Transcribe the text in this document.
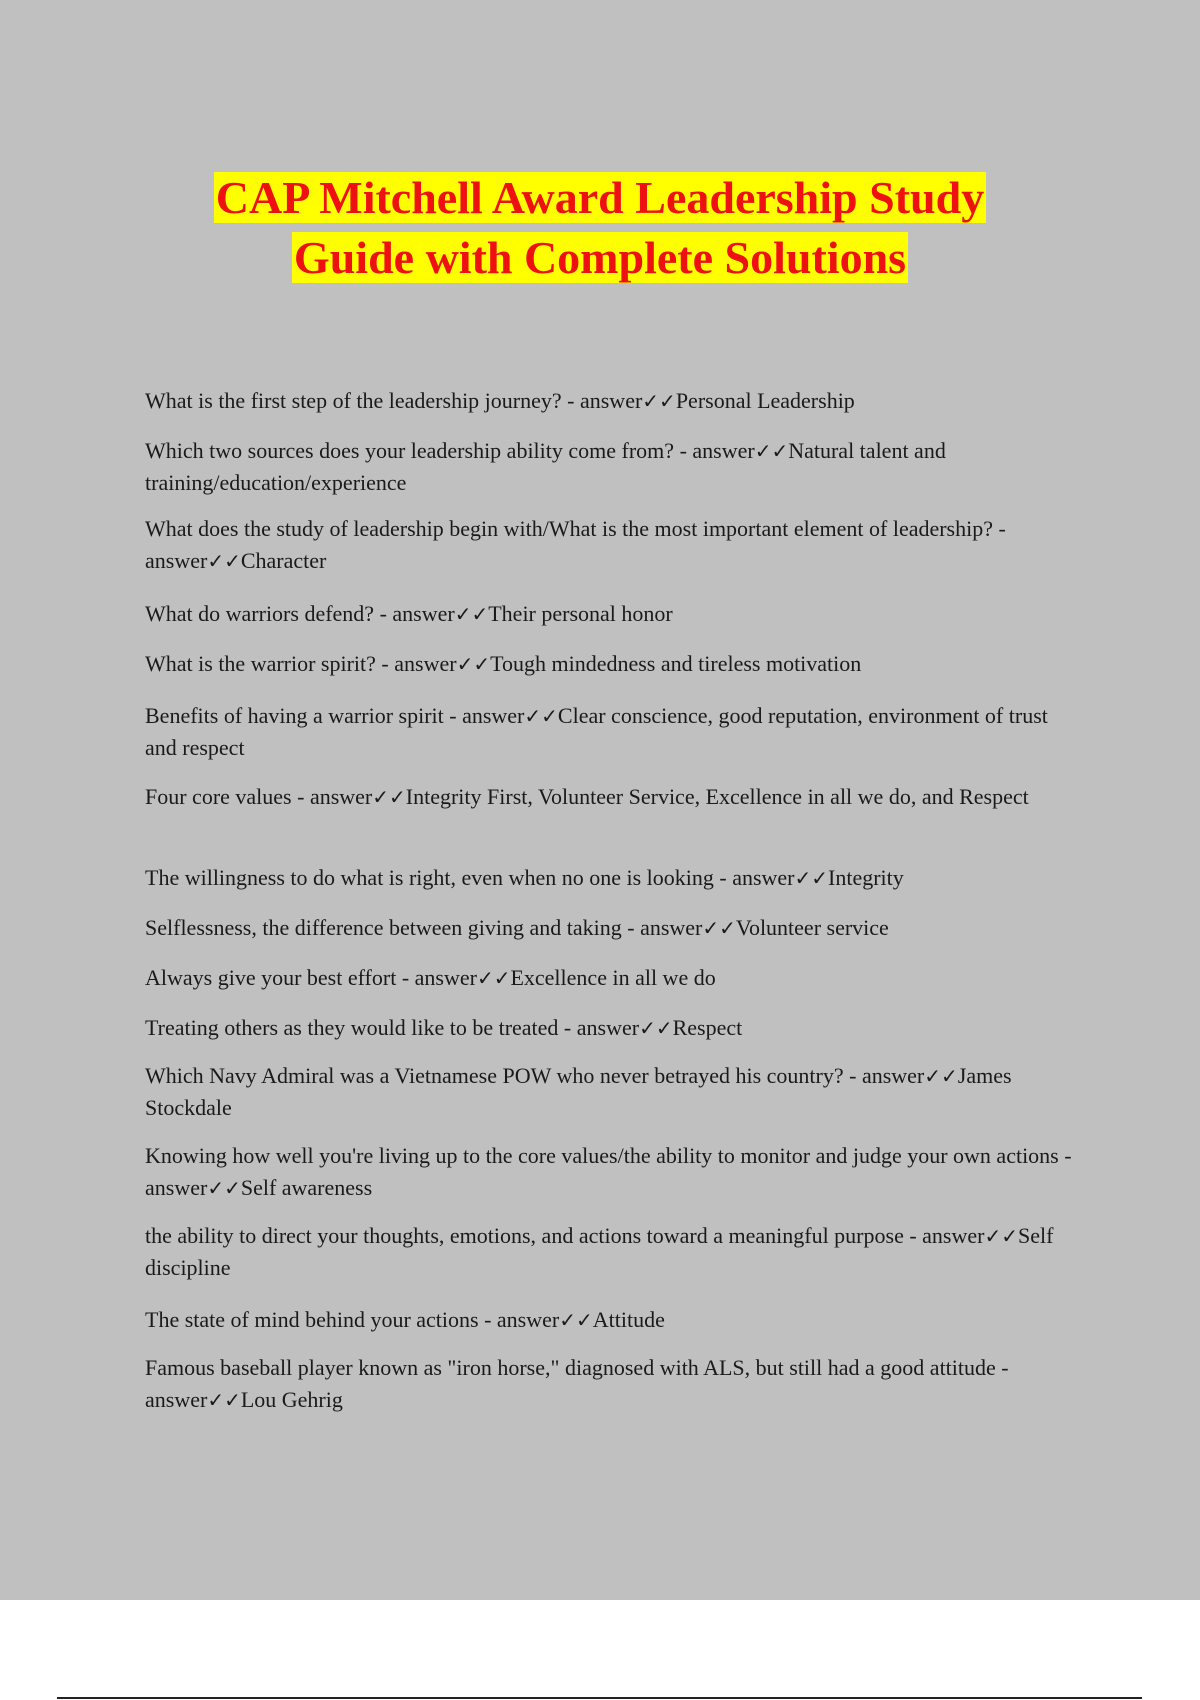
CAP Mitchell Award Leadership Study
Guide with Complete Solutions
What is the first step of the leadership journey? - answer✓✓Personal Leadership
Which two sources does your leadership ability come from? - answer✓✓Natural talent and training/education/experience
What does the study of leadership begin with/What is the most important element of leadership? - answer✓✓Character
What do warriors defend? - answer✓✓Their personal honor
What is the warrior spirit? - answer✓✓Tough mindedness and tireless motivation
Benefits of having a warrior spirit - answer✓✓Clear conscience, good reputation, environment of trust and respect
Four core values - answer✓✓Integrity First, Volunteer Service, Excellence in all we do, and Respect
The willingness to do what is right, even when no one is looking - answer✓✓Integrity
Selflessness, the difference between giving and taking - answer✓✓Volunteer service
Always give your best effort - answer✓✓Excellence in all we do
Treating others as they would like to be treated - answer✓✓Respect
Which Navy Admiral was a Vietnamese POW who never betrayed his country? - answer✓✓James Stockdale
Knowing how well you're living up to the core values/the ability to monitor and judge your own actions - answer✓✓Self awareness
the ability to direct your thoughts, emotions, and actions toward a meaningful purpose - answer✓✓Self discipline
The state of mind behind your actions - answer✓✓Attitude
Famous baseball player known as "iron horse," diagnosed with ALS, but still had a good attitude - answer✓✓Lou Gehrig
